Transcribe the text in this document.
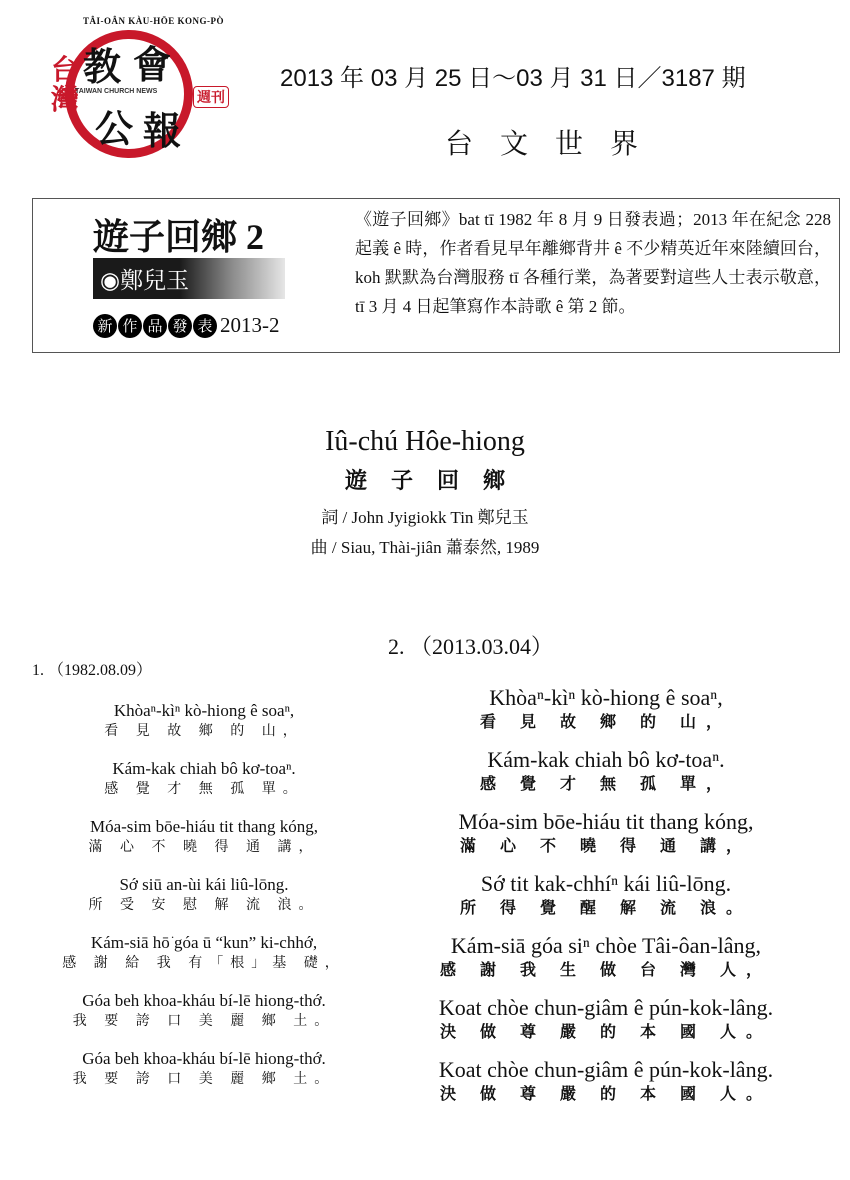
TÂI-OÂN KÀU-HŌE KONG-PÒ
台灣
教 會
公 報
TAIWAN CHURCH NEWS	週刊
2013 年 03 月 25 日～03 月 31 日／3187 期
台 文 世 界
遊子回鄉 2
◉鄭兒玉
新 作 品 發 表 2013-2
《遊子回鄉》bat tī 1982 年 8 月 9 日發表過；2013 年在紀念 228 起義 ê 時，作者看見早年離鄉背井 ê 不少精英近年來陸續回台，koh 默默為台灣服務 tī 各種行業，為著要對這些人士表示敬意，tī 3 月 4 日起筆寫作本詩歌 ê 第 2 節。
Iû-chú Hôe-hiong
遊子回鄉
詞 / John Jyigiokk Tin 鄭兒玉
曲 / Siau, Thài-jiân 蕭泰然, 1989
1. （1982.08.09）
2. （2013.03.04）
Khòaⁿ-kìⁿ kò-hiong ê soaⁿ,
看 見 故 鄉 的 山，
Kám-kak chiah bô kơ-toaⁿ.
感 覺 才 無 孤 單。
Móa-sim bōe-hiáu tit thang kóng,
滿 心 不 曉 得 通 講，
Sớ siū an-ùi kái liû-lōng.
所 受 安 慰 解 流 浪。
Kám-siā hō͘ góa ū “kun” ki-chhớ,
感 謝 給 我 有「根」基 礎，
Góa beh khoa-kháu bí-lē hiong-thớ.
我 要 誇 口 美 麗 鄉 土。
Góa beh khoa-kháu bí-lē hiong-thớ.
我 要 誇 口 美 麗 鄉 土。
Khòaⁿ-kìⁿ kò-hiong ê soaⁿ,
看 見 故 鄉 的 山，
Kám-kak chiah bô kơ-toaⁿ.
感 覺 才 無 孤 單，
Móa-sim bōe-hiáu tit thang kóng,
滿 心 不 曉 得 通 講，
Sớ tit kak-chhíⁿ kái liû-lōng.
所 得 覺 醒 解 流 浪。
Kám-siā góa siⁿ chòe Tâi-ôan-lâng,
感 謝 我 生 做 台 灣 人，
Koat chòe chun-giâm ê pún-kok-lâng.
決 做 尊 嚴 的 本 國 人。
Koat chòe chun-giâm ê pún-kok-lâng.
決 做 尊 嚴 的 本 國 人。
